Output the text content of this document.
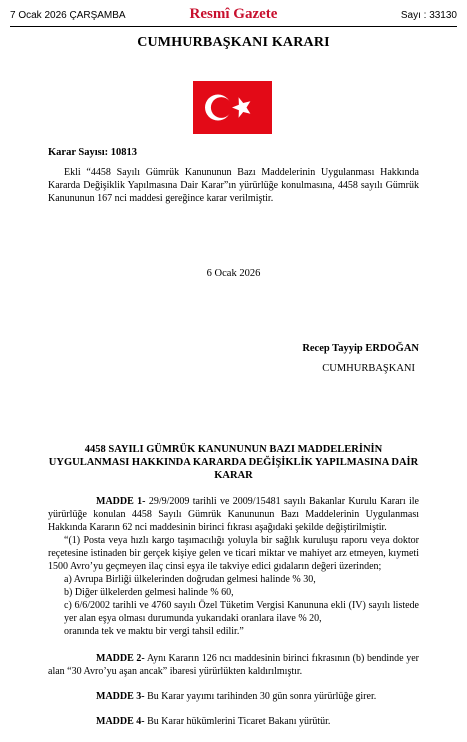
7 Ocak 2026 ÇARŞAMBA	Resmî Gazete	Sayı : 33130
CUMHURBAŞKANI KARARI
Karar Sayısı: 10813
Ekli “4458 Sayılı Gümrük Kanununun Bazı Maddelerinin Uygulanması Hakkında Kararda Değişiklik Yapılmasına Dair Karar”ın yürürlüğe konulmasına, 4458 sayılı Gümrük Kanununun 167 nci maddesi gereğince karar verilmiştir.
6 Ocak 2026
Recep Tayyip ERDOĞAN
CUMHURBAŞKANI
4458 SAYILI GÜMRÜK KANUNUNUN BAZI MADDELERİNİN UYGULANMASI HAKKINDA KARARDA DEĞİŞİKLİK YAPILMASINA DAİR KARAR
MADDE 1- 29/9/2009 tarihli ve 2009/15481 sayılı Bakanlar Kurulu Kararı ile yürürlüğe konulan 4458 Sayılı Gümrük Kanununun Bazı Maddelerinin Uygulanması Hakkında Kararın 62 nci maddesinin birinci fıkrası aşağıdaki şekilde değiştirilmiştir.
“(1) Posta veya hızlı kargo taşımacılığı yoluyla bir sağlık kuruluşu raporu veya doktor reçetesine istinaden bir gerçek kişiye gelen ve ticari miktar ve mahiyet arz etmeyen, kıymeti 1500 Avro’yu geçmeyen ilaç cinsi eşya ile takviye edici gıdaların değeri üzerinden;
a) Avrupa Birliği ülkelerinden doğrudan gelmesi halinde % 30,
b) Diğer ülkelerden gelmesi halinde % 60,
c) 6/6/2002 tarihli ve 4760 sayılı Özel Tüketim Vergisi Kanununa ekli (IV) sayılı listede yer alan eşya olması durumunda yukarıdaki oranlara ilave % 20,
oranında tek ve maktu bir vergi tahsil edilir.”
MADDE 2- Aynı Kararın 126 ncı maddesinin birinci fıkrasının (b) bendinde yer alan “30 Avro’yu aşan ancak” ibaresi yürürlükten kaldırılmıştır.
MADDE 3- Bu Karar yayımı tarihinden 30 gün sonra yürürlüğe girer.
MADDE 4- Bu Karar hükümlerini Ticaret Bakanı yürütür.
